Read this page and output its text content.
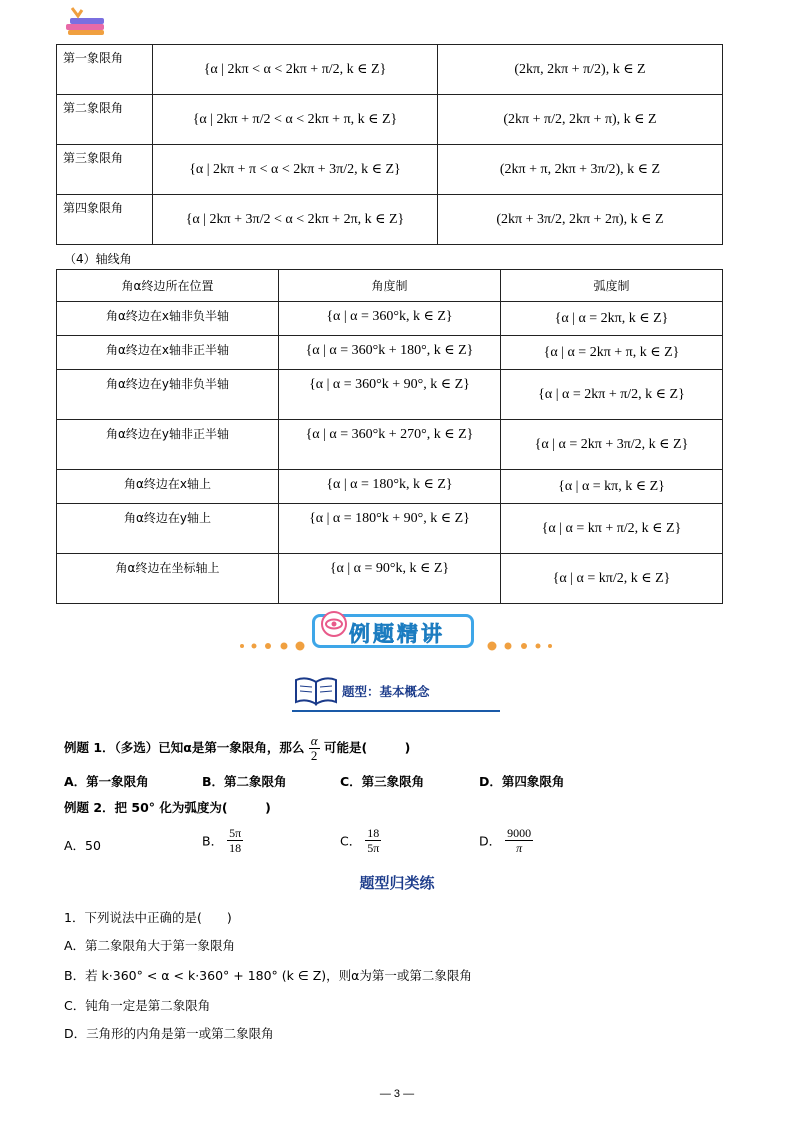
第一象限角	{α | 2kπ < α < 2kπ + π/2, k ∈ Z}	(2kπ, 2kπ + π/2), k ∈ Z
第二象限角	{α | 2kπ + π/2 < α < 2kπ + π, k ∈ Z}	(2kπ + π/2, 2kπ + π), k ∈ Z
第三象限角	{α | 2kπ + π < α < 2kπ + 3π/2, k ∈ Z}	(2kπ + π, 2kπ + 3π/2), k ∈ Z
第四象限角	{α | 2kπ + 3π/2 < α < 2kπ + 2π, k ∈ Z}	(2kπ + 3π/2, 2kπ + 2π), k ∈ Z
（4）轴线角
角α终边所在位置	角度制	弧度制
角α终边在x轴非负半轴	{α | α = 360°k, k ∈ Z}	{α | α = 2kπ, k ∈ Z}
角α终边在x轴非正半轴	{α | α = 360°k + 180°, k ∈ Z}	{α | α = 2kπ + π, k ∈ Z}
角α终边在y轴非负半轴	{α | α = 360°k + 90°, k ∈ Z}	{α | α = 2kπ + π/2, k ∈ Z}
角α终边在y轴非正半轴	{α | α = 360°k + 270°, k ∈ Z}	{α | α = 2kπ + 3π/2, k ∈ Z}
角α终边在x轴上	{α | α = 180°k, k ∈ Z}	{α | α = kπ, k ∈ Z}
角α终边在y轴上	{α | α = 180°k + 90°, k ∈ Z}	{α | α = kπ + π/2, k ∈ Z}
角α终边在坐标轴上	{α | α = 90°k, k ∈ Z}	{α | α = kπ/2, k ∈ Z}
例题精讲
题型：基本概念
例题 1．（多选）已知α是第一象限角，那么 $\frac{\alpha}{2}$ 可能是(　　　)
A．第一象限角	B．第二象限角	C．第三象限角	D．第四象限角
例题 2．把 50° 化为弧度为(　　　)
A．50	B． $\frac{5\pi}{18}$	C． $\frac{18}{5\pi}$	D． $\frac{9000}{\pi}$
题型归类练
1．下列说法中正确的是(　　)
A．第二象限角大于第一象限角
B．若 k·360° < α < k·360° + 180° (k ∈ Z)，则α为第一或第二象限角
C．钝角一定是第二象限角
D．三角形的内角是第一或第二象限角
— 3 —
